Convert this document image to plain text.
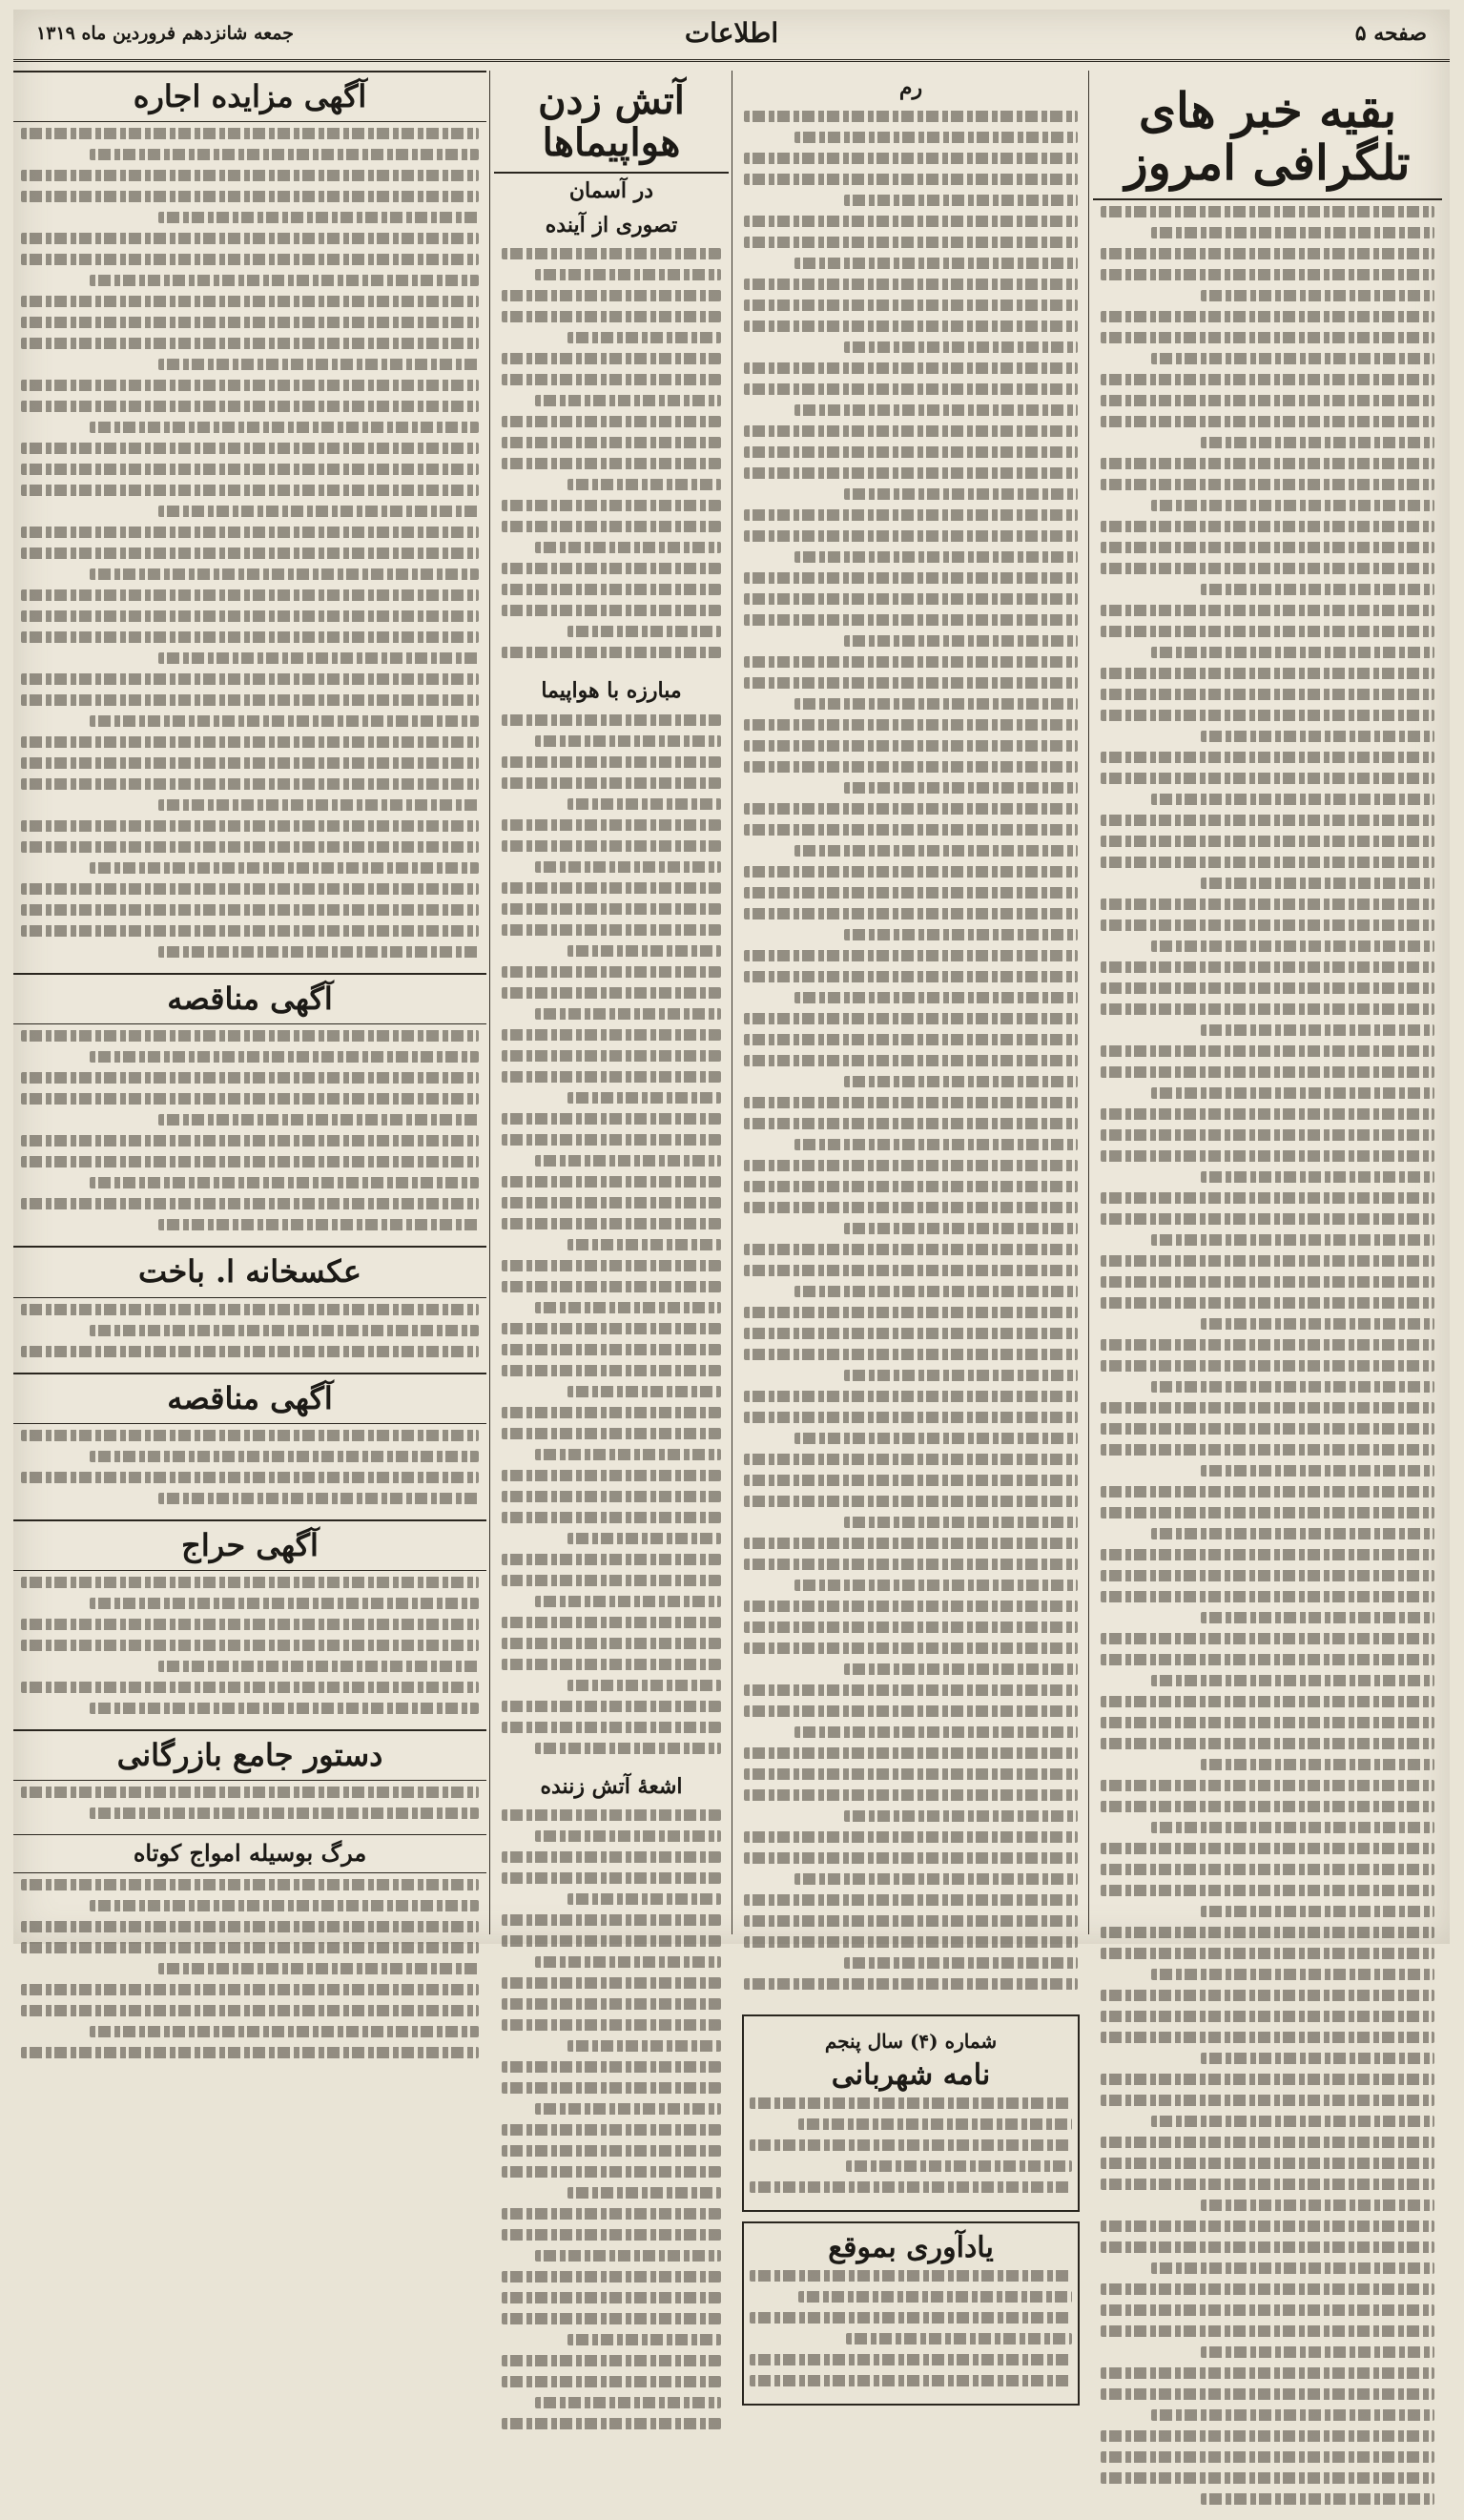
صفحه ۵
اطلاعات
جمعه شانزدهم فروردین ماه ۱۳۱۹
بقیه خبر های تلگرافی امروز
رم
شماره (۴) سال پنجم
نامه شهربانی
یادآوری بموقع
آتش زدن هواپیماها
در آسمان
تصوری از آینده
مبارزه با هواپیما
اشعهٔ آتش زننده
آگهی مزایده اجاره
آگهی مناقصه
عکسخانه ا. باخت
آگهی مناقصه
آگهی حراج
دستور جامع بازرگانی
مرگ بوسیله امواج کوتاه
